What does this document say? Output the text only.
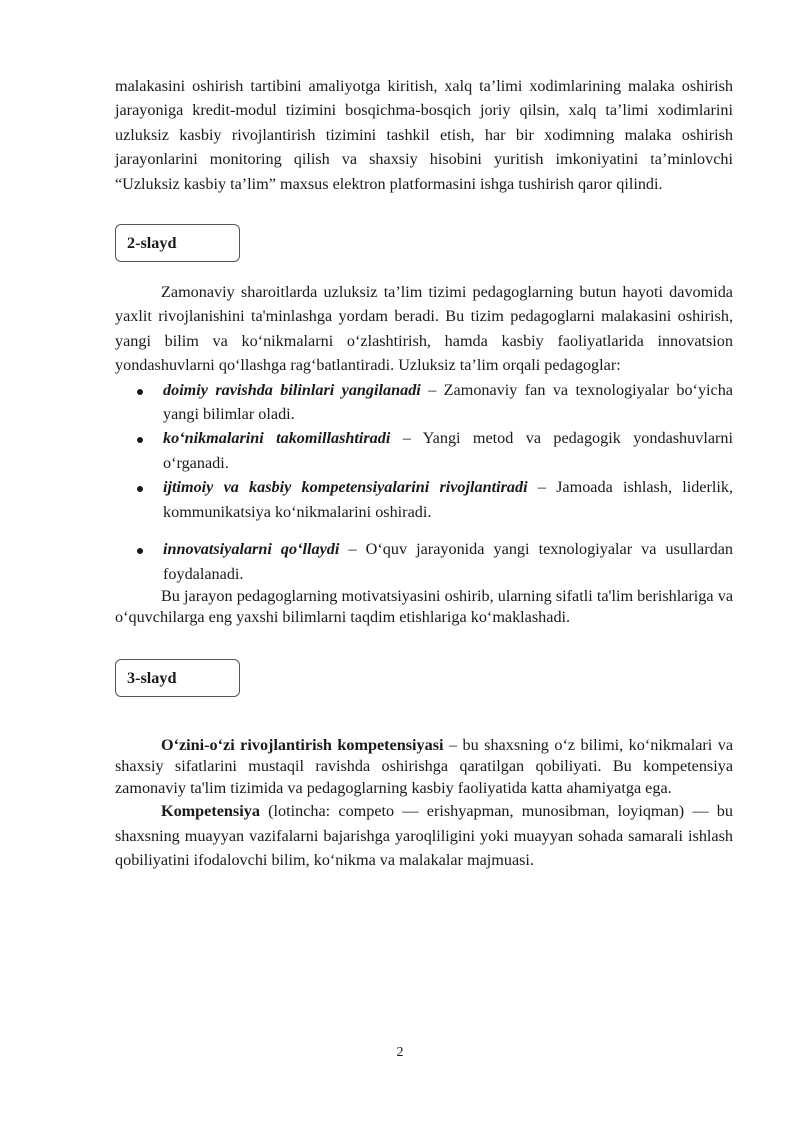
malakasini oshirish tartibini amaliyotga kiritish, xalq ta’limi xodimlarining malaka oshirish jarayoniga kredit-modul tizimini bosqichma-bosqich joriy qilsin, xalq ta’limi xodimlarini uzluksiz kasbiy rivojlantirish tizimini tashkil etish, har bir xodimning malaka oshirish jarayonlarini monitoring qilish va shaxsiy hisobini yuritish imkoniyatini ta’minlovchi “Uzluksiz kasbiy ta’lim” maxsus elektron platformasini ishga tushirish qaror qilindi.

2-slayd

Zamonaviy sharoitlarda uzluksiz ta’lim tizimi pedagoglarning butun hayoti davomida yaxlit rivojlanishini ta'minlashga yordam beradi. Bu tizim pedagoglarni malakasini oshirish, yangi bilim va ko‘nikmalarni o‘zlashtirish, hamda kasbiy faoliyatlarida innovatsion yondashuvlarni qo‘llashga rag‘batlantiradi. Uzluksiz ta’lim orqali pedagoglar:

doimiy ravishda bilinlari yangilanadi – Zamonaviy fan va texnologiyalar bo‘yicha yangi bilimlar oladi.
ko‘nikmalarini takomillashtiradi – Yangi metod va pedagogik yondashuvlarni o‘rganadi.
ijtimoiy va kasbiy kompetensiyalarini rivojlantiradi – Jamoada ishlash, liderlik, kommunikatsiya ko‘nikmalarini oshiradi.
innovatsiyalarni qo‘llaydi – O‘quv jarayonida yangi texnologiyalar va usullardan foydalanadi.

Bu jarayon pedagoglarning motivatsiyasini oshirib, ularning sifatli ta'lim berishlariga va o‘quvchilarga eng yaxshi bilimlarni taqdim etishlariga ko‘maklashadi.

3-slayd

O‘zini-o‘zi rivojlantirish kompetensiyasi – bu shaxsning o‘z bilimi, ko‘nikmalari va shaxsiy sifatlarini mustaqil ravishda oshirishga qaratilgan qobiliyati. Bu kompetensiya zamonaviy ta'lim tizimida va pedagoglarning kasbiy faoliyatida katta ahamiyatga ega.

Kompetensiya (lotincha: competo — erishyapman, munosibman, loyiqman) — bu shaxsning muayyan vazifalarni bajarishga yaroqliligini yoki muayyan sohada samarali ishlash qobiliyatini ifodalovchi bilim, ko‘nikma va malakalar majmuasi.

2
